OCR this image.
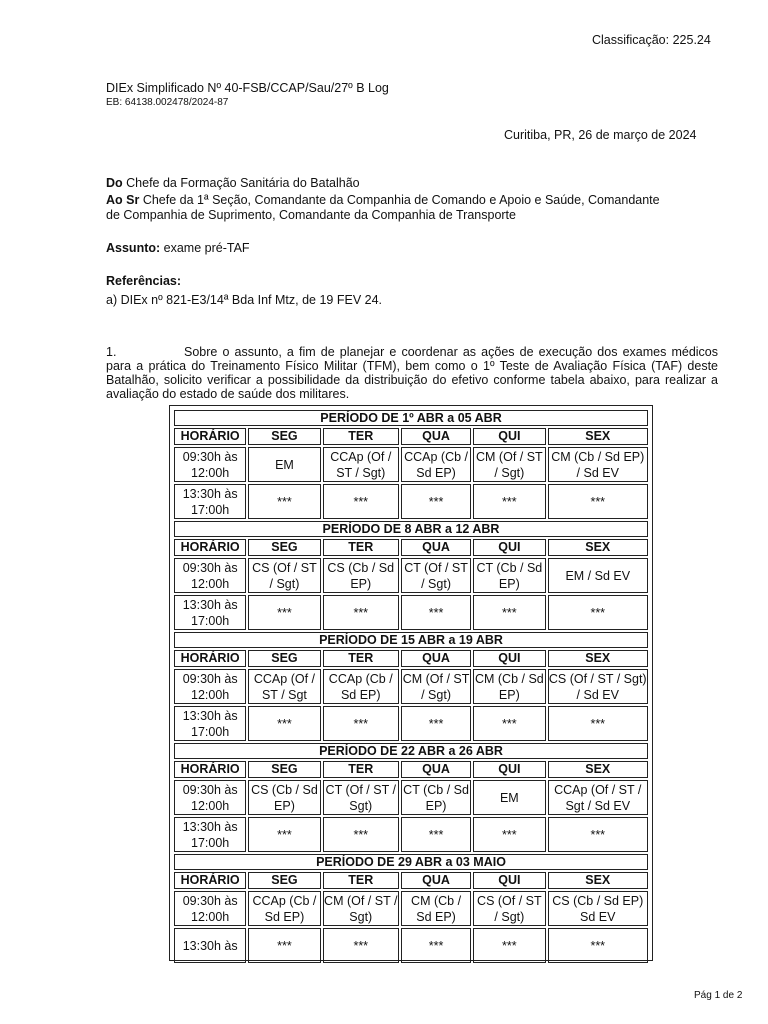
Classificação: 225.24
DIEx Simplificado Nº 40-FSB/CCAP/Sau/27º B Log
EB: 64138.002478/2024-87
Curitiba, PR, 26 de março de 2024
Do Chefe da Formação Sanitária do Batalhão
Ao Sr Chefe da 1ª Seção, Comandante da Companhia de Comando e Apoio e Saúde, Comandante
de Companhia de Suprimento, Comandante da Companhia de Transporte
Assunto: exame pré-TAF
Referências:
a) DIEx nº 821-E3/14ª Bda Inf Mtz, de 19 FEV 24.
1.	Sobre o assunto, a fim de planejar e coordenar as ações de execução dos exames médicos para a prática do Treinamento Físico Militar (TFM), bem como o 1º Teste de Avaliação Física (TAF) deste Batalhão, solicito verificar a possibilidade da distribuição do efetivo conforme tabela abaixo, para realizar a avaliação do estado de saúde dos militares.
PERÍODO DE 1º ABR a 05 ABR					
HORÁRIO	SEG	TER	QUA	QUI	SEX
09:30h às 12:00h	EM	CCAp (Of / ST / Sgt)	CCAp (Cb / Sd EP)	CM (Of / ST / Sgt)	CM (Cb / Sd EP) / Sd EV
13:30h às 17:00h	***	***	***	***	***
PERÍODO DE 8 ABR a 12 ABR					
HORÁRIO	SEG	TER	QUA	QUI	SEX
09:30h às 12:00h	CS (Of / ST / Sgt)	CS (Cb / Sd EP)	CT (Of / ST / Sgt)	CT (Cb / Sd EP)	EM / Sd EV
13:30h às 17:00h	***	***	***	***	***
PERÍODO DE 15 ABR a 19 ABR					
HORÁRIO	SEG	TER	QUA	QUI	SEX
09:30h às 12:00h	CCAp (Of / ST / Sgt	CCAp (Cb / Sd EP)	CM (Of / ST / Sgt)	CM (Cb / Sd EP)	CS (Of / ST / Sgt) / Sd EV
13:30h às 17:00h	***	***	***	***	***
PERÍODO DE 22 ABR a 26 ABR					
HORÁRIO	SEG	TER	QUA	QUI	SEX
09:30h às 12:00h	CS (Cb / Sd EP)	CT (Of / ST / Sgt)	CT (Cb / Sd EP)	EM	CCAp (Of / ST / Sgt / Sd EV
13:30h às 17:00h	***	***	***	***	***
PERÍODO DE 29 ABR a 03 MAIO					
HORÁRIO	SEG	TER	QUA	QUI	SEX
09:30h às 12:00h	CCAp (Cb / Sd EP)	CM (Of / ST / Sgt)	CM (Cb / Sd EP)	CS (Of / ST / Sgt)	CS (Cb / Sd EP) Sd EV
13:30h às	***	***	***	***	***
Pág 1 de 2
